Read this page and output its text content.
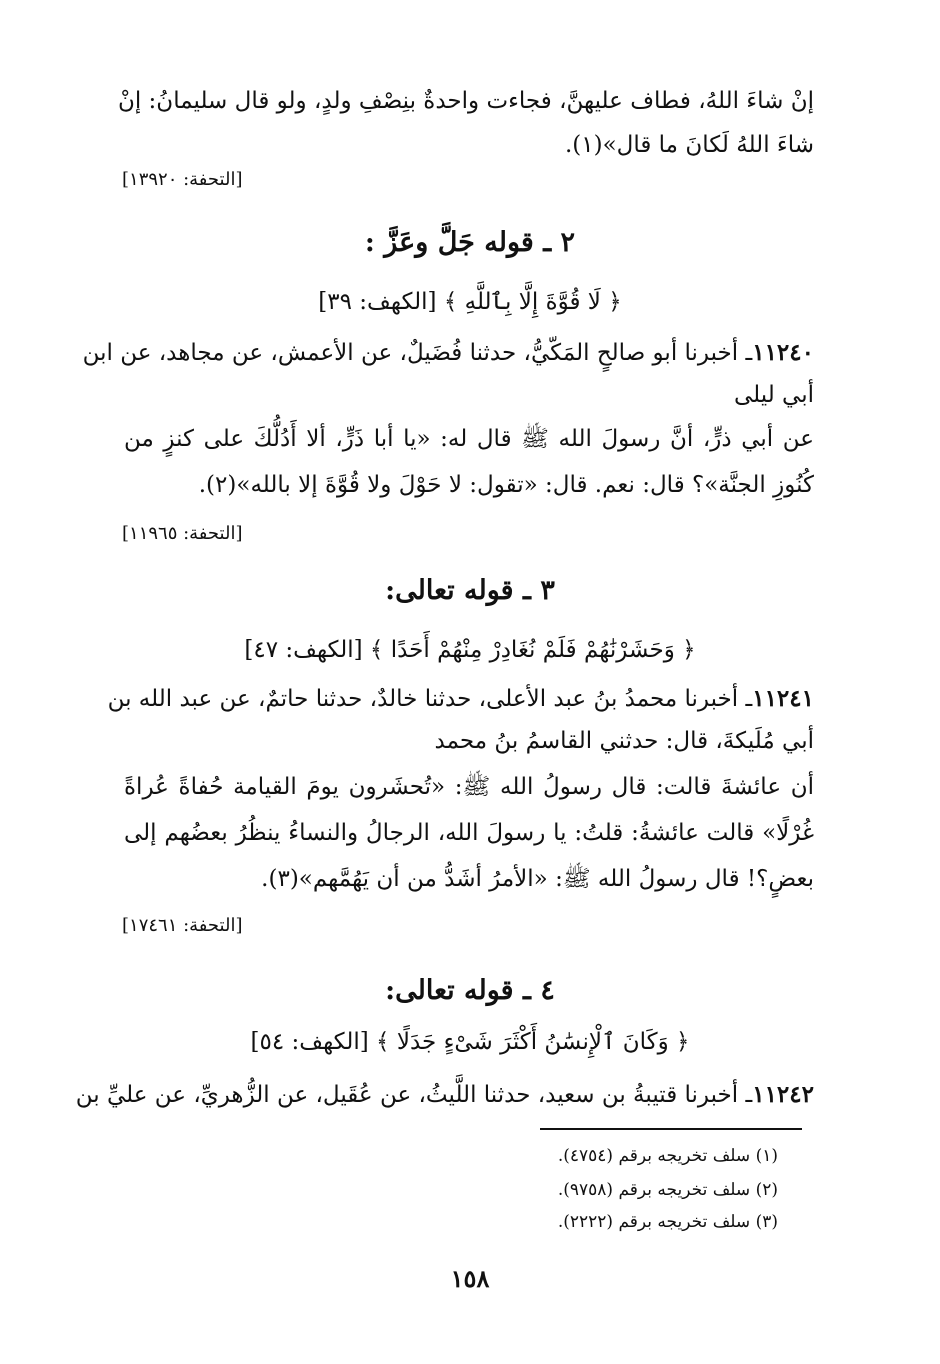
إنْ شاءَ اللهُ، فطاف عليهنَّ، فجاءت واحدةٌ بنِصْفِ ولدٍ، ولو قال سليمانُ: إنْ
شاءَ اللهُ لَكانَ ما قال»(١).
[التحفة: ١٣٩٢٠]
٢ ـ قوله جَلَّ وعَزَّ :
﴿ لَا قُوَّةَ إِلَّا بِٱللَّهِ ﴾ [الكهف: ٣٩]
١١٢٤٠ـ أخبرنا أبو صالحٍ المَكّيُّ، حدثنا فُضَيلٌ، عن الأعمش، عن مجاهد، عن ابن
أبي ليلى
عن أبي ذرٍّ، أنَّ رسولَ الله ﷺ قال له: «يا أبا ذَرٍّ، ألا أَدُلُّكَ على كنزٍ من
كُنُوزِ الجنَّة»؟ قال: نعم. قال: «تقول: لا حَوْلَ ولا قُوَّةَ إلا بالله»(٢).
[التحفة: ١١٩٦٥]
٣ ـ قوله تعالى:
﴿ وَحَشَرْنَٰهُمْ فَلَمْ نُغَادِرْ مِنْهُمْ أَحَدًا ﴾ [الكهف: ٤٧]
١١٢٤١ـ أخبرنا محمدُ بنُ عبد الأعلى، حدثنا خالدٌ، حدثنا حاتمٌ، عن عبد الله بن
أبي مُلَيكةَ، قال: حدثني القاسمُ بنُ محمد
أن عائشةَ قالت: قال رسولُ الله ﷺ: «تُحشَرون يومَ القيامة حُفاةً عُراةً
غُرْلًا» قالت عائشةُ: قلتُ: يا رسولَ الله، الرجالُ والنساءُ ينظُرُ بعضُهم إلى
بعضٍ؟! قال رسولُ الله ﷺ: «الأمرُ أشَدُّ من أن يَهُمَّهم»(٣).
[التحفة: ١٧٤٦١]
٤ ـ قوله تعالى:
﴿ وَكَانَ ٱلْإِنسَٰنُ أَكْثَرَ شَىْءٍ جَدَلًا ﴾ [الكهف: ٥٤]
١١٢٤٢ـ أخبرنا قتيبةُ بن سعيد، حدثنا اللَّيثُ، عن عُقَيل، عن الزُّهريِّ، عن عليِّ بن
(١) سلف تخريجه برقم (٤٧٥٤).
(٢) سلف تخريجه برقم (٩٧٥٨).
(٣) سلف تخريجه برقم (٢٢٢٢).
١٥٨
